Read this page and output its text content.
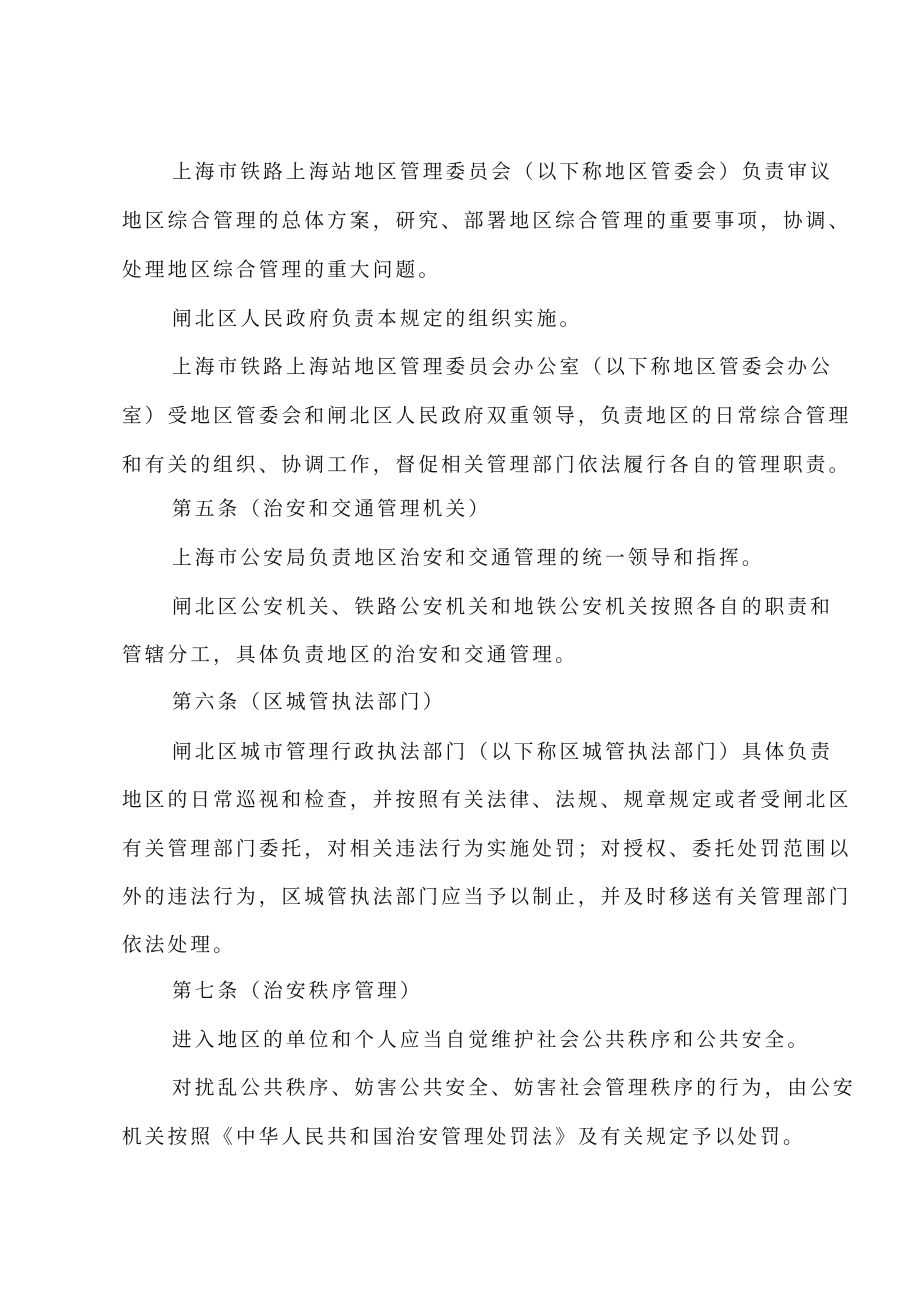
上海市铁路上海站地区管理委员会（以下称地区管委会）负责审议
地区综合管理的总体方案，研究、部署地区综合管理的重要事项，协调、
处理地区综合管理的重大问题。
闸北区人民政府负责本规定的组织实施。
上海市铁路上海站地区管理委员会办公室（以下称地区管委会办公
室）受地区管委会和闸北区人民政府双重领导，负责地区的日常综合管理
和有关的组织、协调工作，督促相关管理部门依法履行各自的管理职责。
第五条（治安和交通管理机关）
上海市公安局负责地区治安和交通管理的统一领导和指挥。
闸北区公安机关、铁路公安机关和地铁公安机关按照各自的职责和
管辖分工，具体负责地区的治安和交通管理。
第六条（区城管执法部门）
闸北区城市管理行政执法部门（以下称区城管执法部门）具体负责
地区的日常巡视和检查，并按照有关法律、法规、规章规定或者受闸北区
有关管理部门委托，对相关违法行为实施处罚；对授权、委托处罚范围以
外的违法行为，区城管执法部门应当予以制止，并及时移送有关管理部门
依法处理。
第七条（治安秩序管理）
进入地区的单位和个人应当自觉维护社会公共秩序和公共安全。
对扰乱公共秩序、妨害公共安全、妨害社会管理秩序的行为，由公安
机关按照《中华人民共和国治安管理处罚法》及有关规定予以处罚。
